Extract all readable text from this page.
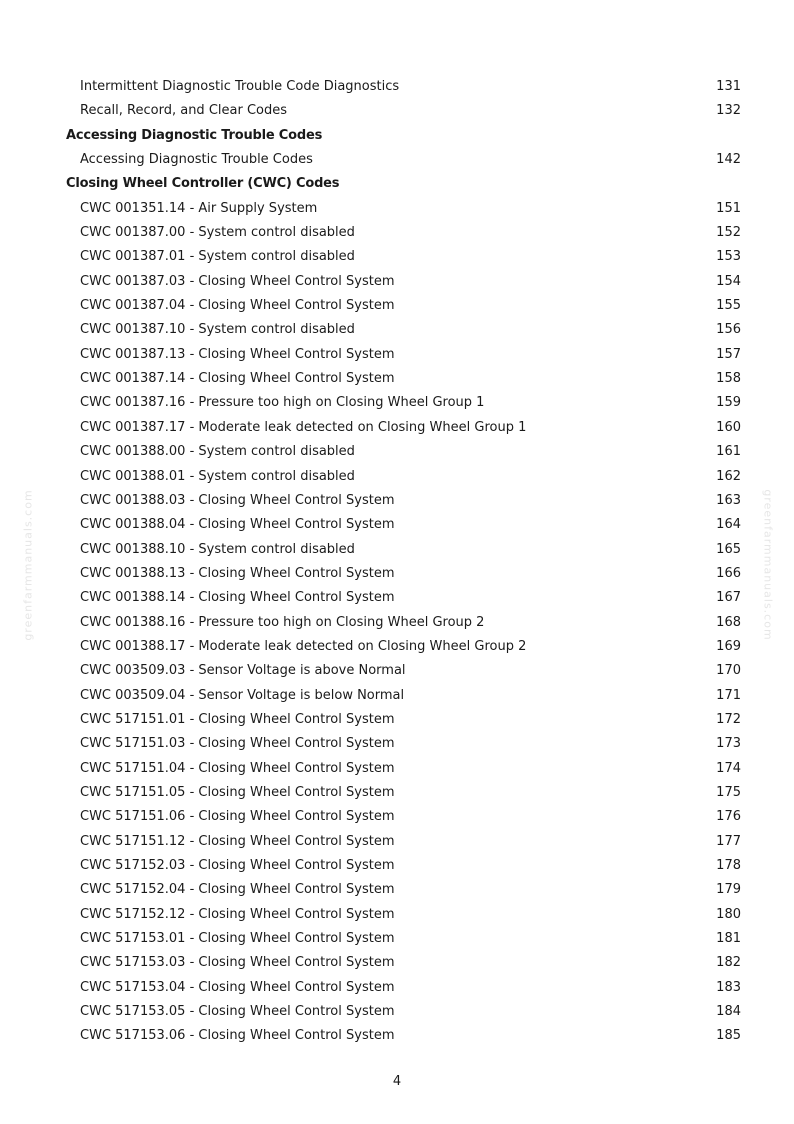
greenfarmmanuals.com	greenfarmmanuals.com
Intermittent Diagnostic Trouble Code Diagnostics	131
Recall, Record, and Clear Codes	132
Accessing Diagnostic Trouble Codes
Accessing Diagnostic Trouble Codes	142
Closing Wheel Controller (CWC) Codes
CWC 001351.14 - Air Supply System	151
CWC 001387.00 - System control disabled	152
CWC 001387.01 - System control disabled	153
CWC 001387.03 - Closing Wheel Control System	154
CWC 001387.04 - Closing Wheel Control System	155
CWC 001387.10 - System control disabled	156
CWC 001387.13 - Closing Wheel Control System	157
CWC 001387.14 - Closing Wheel Control System	158
CWC 001387.16 - Pressure too high on Closing Wheel Group 1	159
CWC 001387.17 - Moderate leak detected on Closing Wheel Group 1	160
CWC 001388.00 - System control disabled	161
CWC 001388.01 - System control disabled	162
CWC 001388.03 - Closing Wheel Control System	163
CWC 001388.04 - Closing Wheel Control System	164
CWC 001388.10 - System control disabled	165
CWC 001388.13 - Closing Wheel Control System	166
CWC 001388.14 - Closing Wheel Control System	167
CWC 001388.16 - Pressure too high on Closing Wheel Group 2	168
CWC 001388.17 - Moderate leak detected on Closing Wheel Group 2	169
CWC 003509.03 - Sensor Voltage is above Normal	170
CWC 003509.04 - Sensor Voltage is below Normal	171
CWC 517151.01 - Closing Wheel Control System	172
CWC 517151.03 - Closing Wheel Control System	173
CWC 517151.04 - Closing Wheel Control System	174
CWC 517151.05 - Closing Wheel Control System	175
CWC 517151.06 - Closing Wheel Control System	176
CWC 517151.12 - Closing Wheel Control System	177
CWC 517152.03 - Closing Wheel Control System	178
CWC 517152.04 - Closing Wheel Control System	179
CWC 517152.12 - Closing Wheel Control System	180
CWC 517153.01 - Closing Wheel Control System	181
CWC 517153.03 - Closing Wheel Control System	182
CWC 517153.04 - Closing Wheel Control System	183
CWC 517153.05 - Closing Wheel Control System	184
CWC 517153.06 - Closing Wheel Control System	185
4
